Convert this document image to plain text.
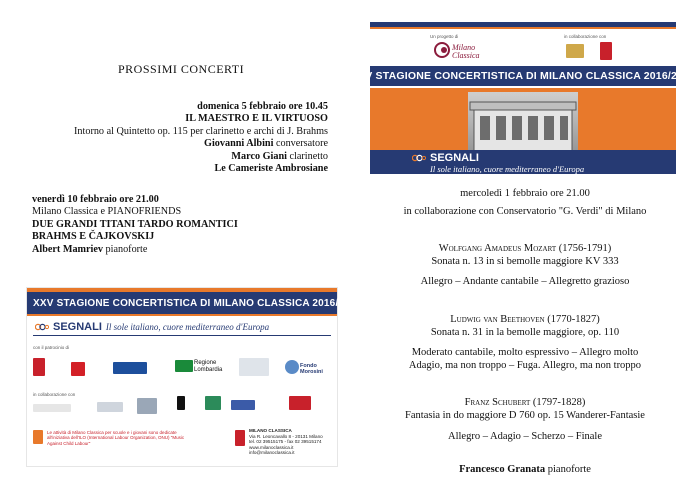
PROSSIMI CONCERTI
domenica 5 febbraio ore 10.45
IL MAESTRO E IL VIRTUOSO
Intorno al Quintetto op. 115 per clarinetto e archi di J. Brahms
Giovanni Albini conversatore
Marco Giani clarinetto
Le Cameriste Ambrosiane
venerdì 10 febbraio ore 21.00
Milano Classica e PIANOFRIENDS
DUE GRANDI TITANI TARDO ROMANTICI
BRAHMS E ČAJKOVSKIJ
Albert Mamriev pianoforte
XXV STAGIONE CONCERTISTICA DI MILANO CLASSICA 2016/2017
SEGNALI Il sole italiano, cuore mediterraneo d'Europa
con il patrocinio di
Regione Lombardia
Fondo Morosini
in collaborazione con
Le attività di Milano Classica per scuole e i giovani sono dedicate all'iniziativa dell'ILO (International Labour Organization, ONU) "Music Against Child Labour"
MILANO CLASSICA
Via R. Leoncavallo 8 - 20131 Milano
tel. 02 39515175 - fax 02 39515174
www.milanoclassica.it info@milanoclassica.it
Un progetto di
Milano Classica
in collaborazione con
XXV STAGIONE CONCERTISTICA DI MILANO CLASSICA 2016/2017
SEGNALI
Il sole italiano, cuore mediterraneo d'Europa
mercoledì 1 febbraio ore 21.00
in collaborazione con Conservatorio "G. Verdi" di Milano
Wolfgang Amadeus Mozart (1756-1791)
Sonata n. 13 in si bemolle maggiore KV 333
Allegro – Andante cantabile – Allegretto grazioso
Ludwig van Beethoven (1770-1827)
Sonata n. 31 in la bemolle maggiore, op. 110
Moderato cantabile, molto espressivo – Allegro molto
Adagio, ma non troppo – Fuga. Allegro, ma non troppo
Franz Schubert (1797-1828)
Fantasia in do maggiore D 760 op. 15 Wanderer-Fantasie
Allegro – Adagio – Scherzo – Finale
Francesco Granata pianoforte
